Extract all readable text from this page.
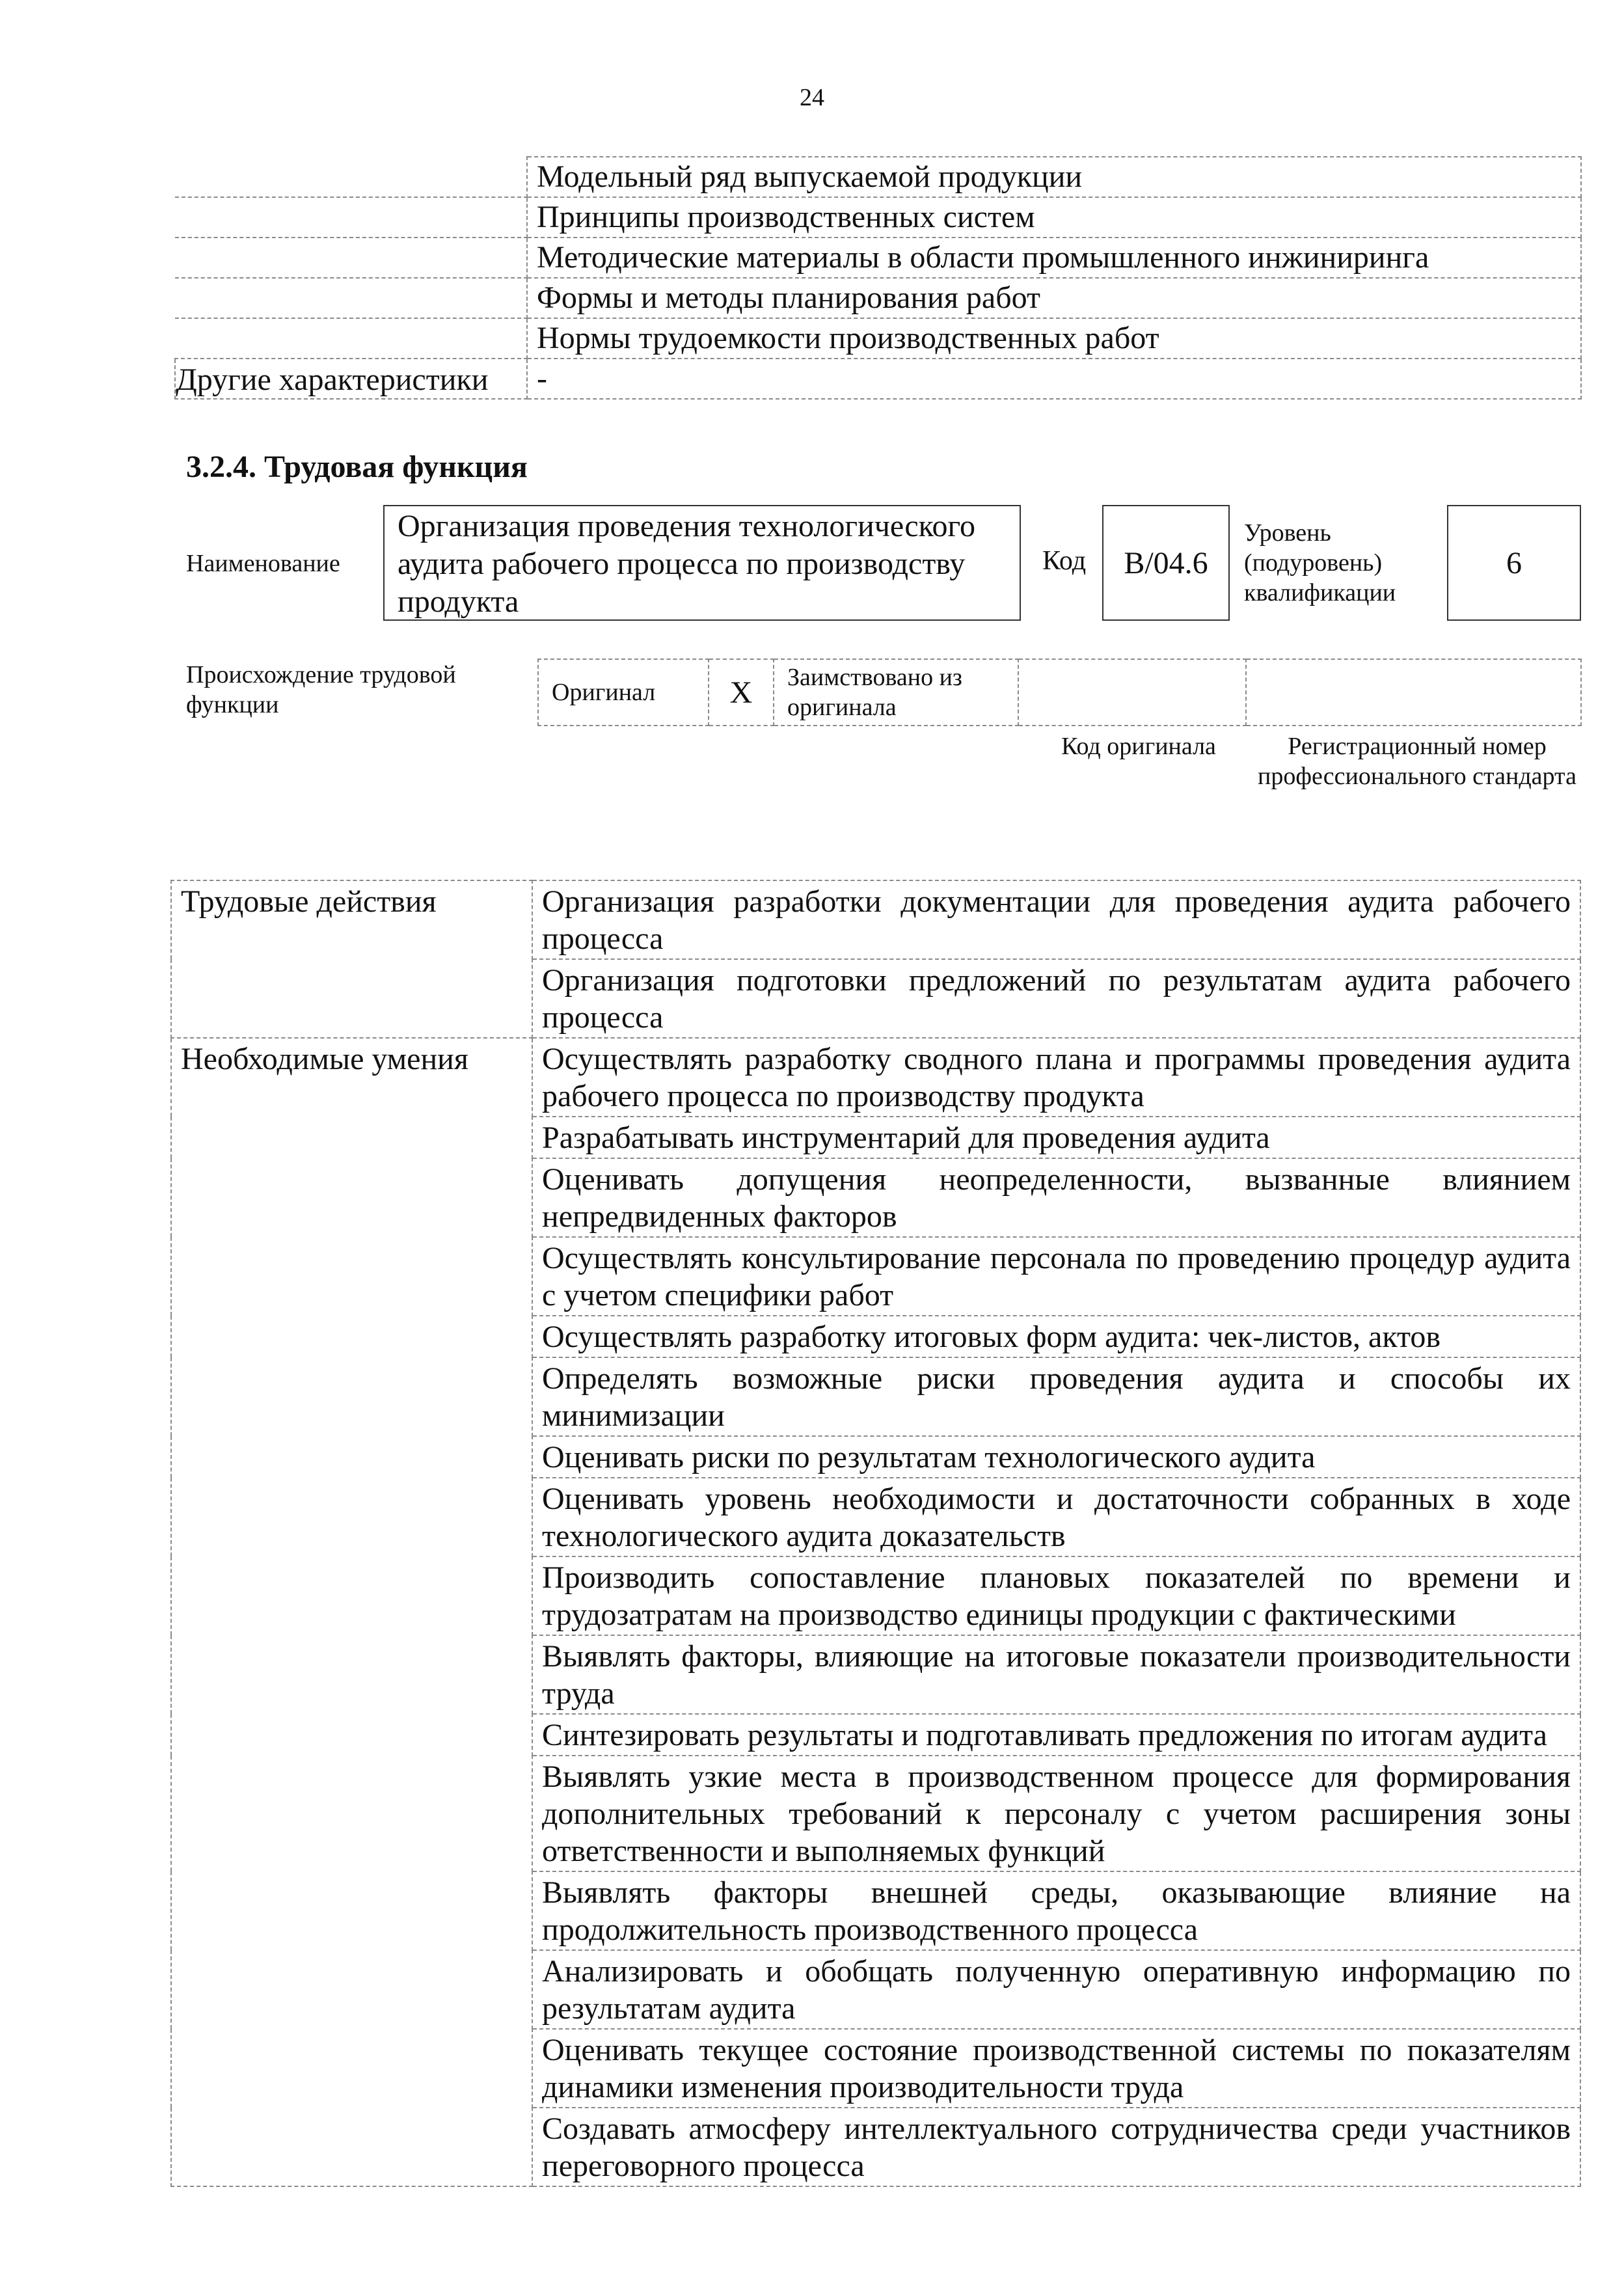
24
	Модельный ряд выпускаемой продукции
	Принципы производственных систем
	Методические материалы в области промышленного инжиниринга
	Формы и методы планирования работ
	Нормы трудоемкости производственных работ
Другие характеристики	-
3.2.4. Трудовая функция
Наименование
Организация проведения технологического аудита рабочего процесса по производству продукта
Код	B/04.6
Уровень (подуровень) квалификации
6
Происхождение трудовой функции	Оригинал	X	Заимствовано из оригинала		
Код оригинала	Регистрационный номер профессионального стандарта
Трудовые действия	Организация разработки документации для проведения аудита рабочего процесса
	Организация подготовки предложений по результатам аудита рабочего процесса
Необходимые умения	Осуществлять разработку сводного плана и программы проведения аудита рабочего процесса по производству продукта
	Разрабатывать инструментарий для проведения аудита
	Оценивать допущения неопределенности, вызванные влиянием непредвиденных факторов
	Осуществлять консультирование персонала по проведению процедур аудита с учетом специфики работ
	Осуществлять разработку итоговых форм аудита: чек-листов, актов
	Определять возможные риски проведения аудита и способы их минимизации
	Оценивать риски по результатам технологического аудита
	Оценивать уровень необходимости и достаточности собранных в ходе технологического аудита доказательств
	Производить сопоставление плановых показателей по времени и трудозатратам на производство единицы продукции с фактическими
	Выявлять факторы, влияющие на итоговые показатели производительности труда
	Синтезировать результаты и подготавливать предложения по итогам аудита
	Выявлять узкие места в производственном процессе для формирования дополнительных требований к персоналу с учетом расширения зоны ответственности и выполняемых функций
	Выявлять факторы внешней среды, оказывающие влияние на продолжительность производственного процесса
	Анализировать и обобщать полученную оперативную информацию по результатам аудита
	Оценивать текущее состояние производственной системы по показателям динамики изменения производительности труда
	Создавать атмосферу интеллектуального сотрудничества среди участников переговорного процесса
